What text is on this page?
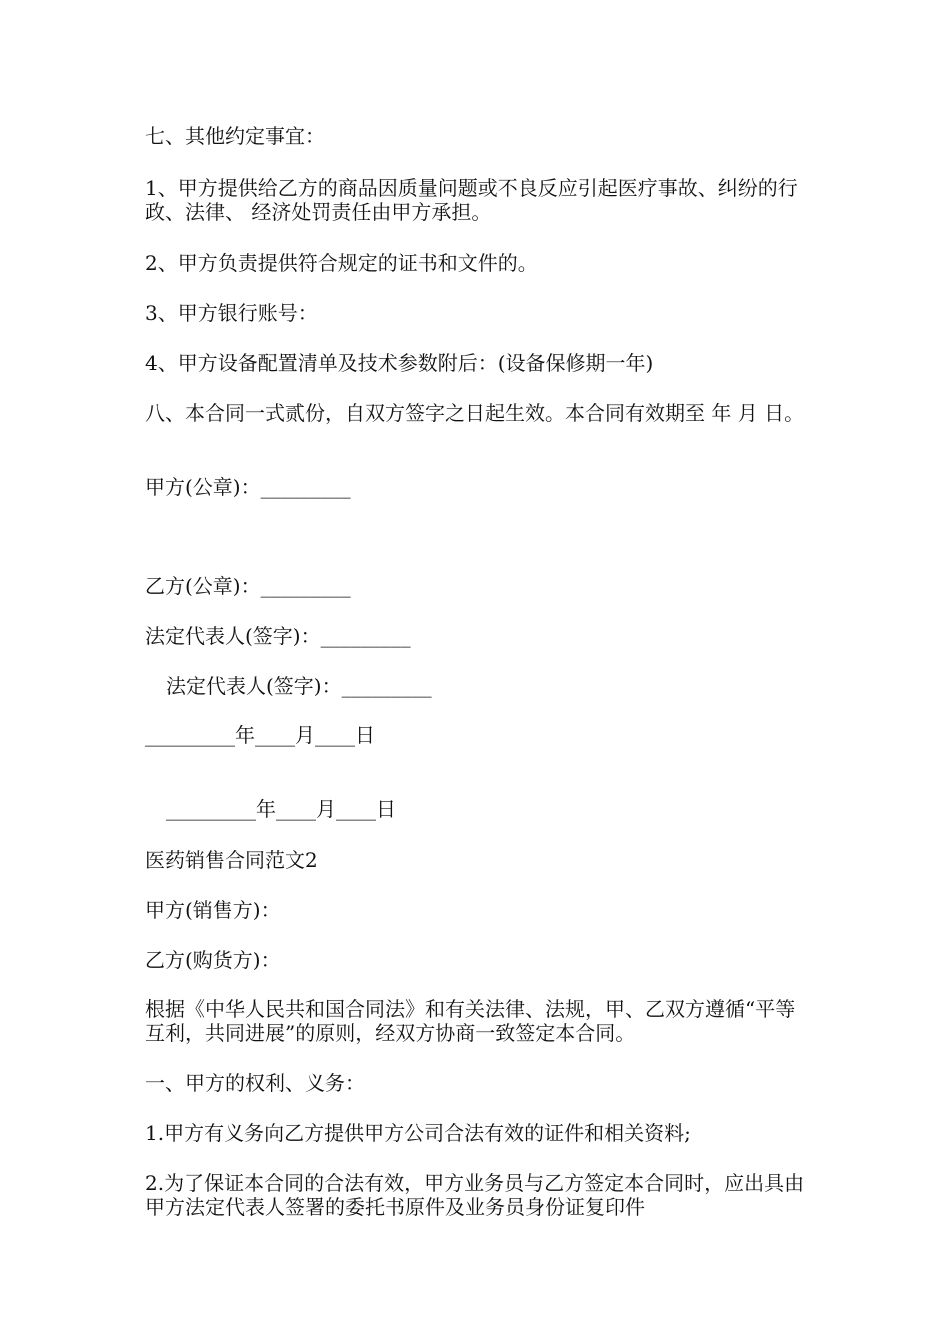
七、其他约定事宜：

1、甲方提供给乙方的商品因质量问题或不良反应引起医疗事故、纠纷的行政、法律、 经济处罚责任由甲方承担。

2、甲方负责提供符合规定的证书和文件的。

3、甲方银行账号：

4、甲方设备配置清单及技术参数附后：(设备保修期一年)

八、本合同一式贰份，自双方签字之日起生效。本合同有效期至 年 月 日。

甲方(公章)：_________

乙方(公章)：_________

法定代表人(签字)：_________

法定代表人(签字)：_________

_________年____月____日

_________年____月____日

医药销售合同范文2

甲方(销售方)：

乙方(购货方)：

根据《中华人民共和国合同法》和有关法律、法规，甲、乙双方遵循“平等互利，共同进展”的原则，经双方协商一致签定本合同。

一、甲方的权利、义务：

1.甲方有义务向乙方提供甲方公司合法有效的证件和相关资料;

2.为了保证本合同的合法有效，甲方业务员与乙方签定本合同时，应出具由甲方法定代表人签署的委托书原件及业务员身份证复印件
